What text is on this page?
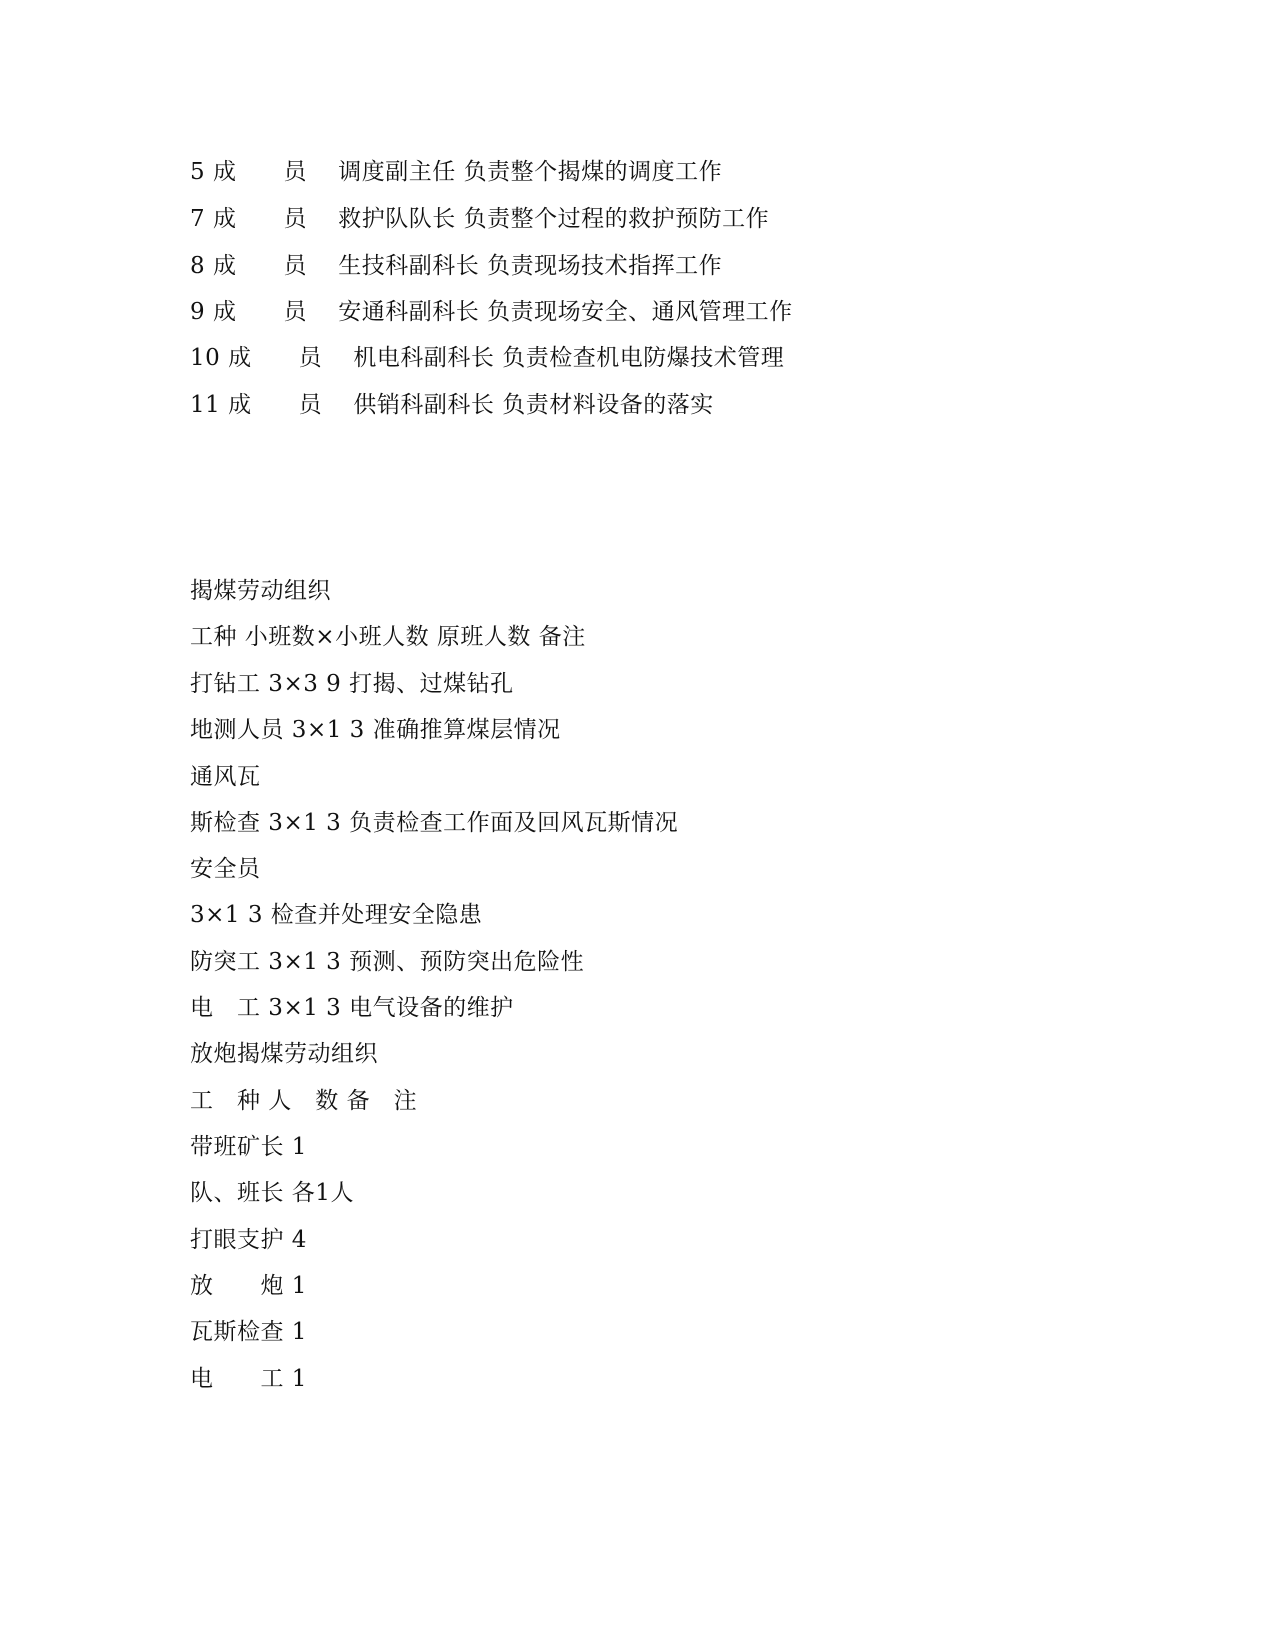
5 成　　员　 调度副主任 负责整个揭煤的调度工作
7 成　　员　 救护队队长 负责整个过程的救护预防工作
8 成　　员　 生技科副科长 负责现场技术指挥工作
9 成　　员　 安通科副科长 负责现场安全、通风管理工作
10 成　　员　 机电科副科长 负责检查机电防爆技术管理
11 成　　员　 供销科副科长 负责材料设备的落实
揭煤劳动组织
工种 小班数×小班人数 原班人数 备注
打钻工 3×3 9 打揭、过煤钻孔
地测人员 3×1 3 准确推算煤层情况
通风瓦
斯检查 3×1 3 负责检查工作面及回风瓦斯情况
安全员
3×1 3 检查并处理安全隐患
防突工 3×1 3 预测、预防突出危险性
电　工 3×1 3 电气设备的维护
放炮揭煤劳动组织
工　种 人　数 备　注
带班矿长 1
队、班长 各1人
打眼支护 4
放　　炮 1
瓦斯检查 1
电　　工 1
